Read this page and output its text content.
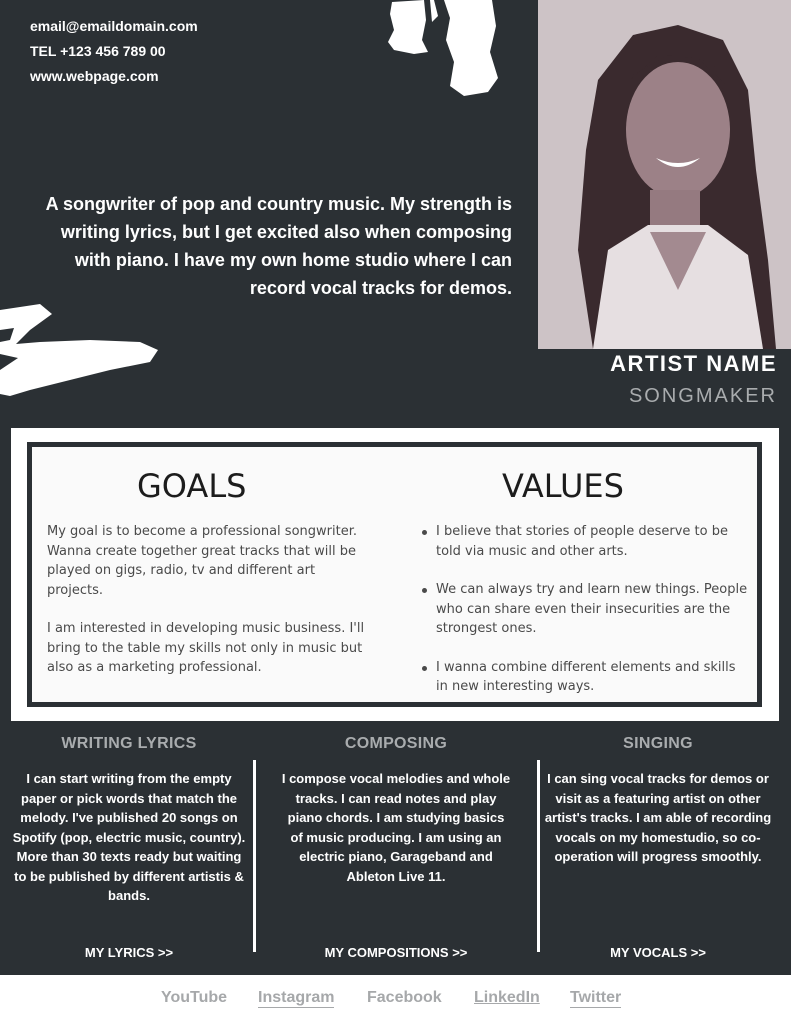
email@emaildomain.com
TEL +123 456 789 00
www.webpage.com
A songwriter of pop and country music. My strength is writing lyrics, but I get excited also when composing with piano. I have my own home studio where I can record vocal tracks for demos.
ARTIST NAME
SONGMAKER
GOALS	VALUES

My goal is to become a professional songwriter. Wanna create together great tracks that will be played on gigs, radio, tv and different art projects.

I am interested in developing music business. I'll bring to the table my skills not only in music but also as a marketing professional.

I believe that stories of people deserve to be told via music and other arts.
We can always try and learn new things. People who can share even their insecurities are the strongest ones.
I wanna combine different elements and skills in new interesting ways.
WRITING LYRICS

I can start writing from the empty paper or pick words that match the melody. I've published 20 songs on Spotify (pop, electric music, country). More than 30 texts ready but waiting to be published by different artistis & bands.

MY LYRICS >>
COMPOSING

I compose vocal melodies and whole tracks. I can read notes and play piano chords. I am studying basics of music producing. I am using an electric piano, Garageband and Ableton Live 11.

MY COMPOSITIONS >>
SINGING

I can sing vocal tracks for demos or visit as a featuring artist on other artist's tracks. I am able of recording vocals on my homestudio, so co-operation will progress smoothly.

MY VOCALS >>
YouTube Instagram Facebook LinkedIn Twitter
